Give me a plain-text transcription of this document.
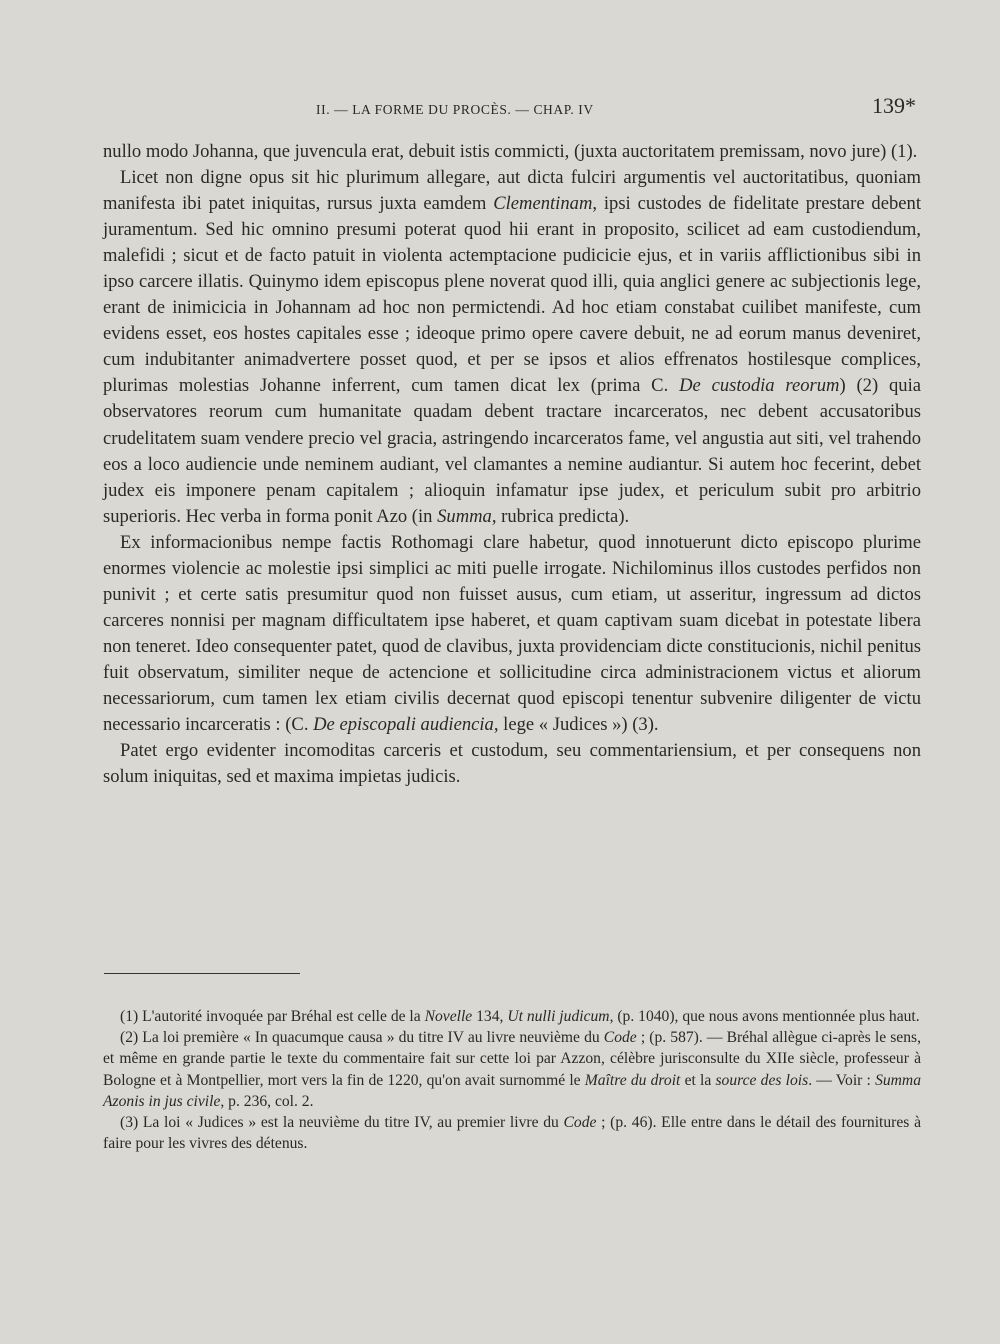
II. — LA FORME DU PROCÈS. — CHAP. IV	139*

nullo modo Johanna, que juvencula erat, debuit istis commicti, (juxta auctoritatem premissam, novo jure) (1).

Licet non digne opus sit hic plurimum allegare, aut dicta fulciri argumentis vel auctoritatibus, quoniam manifesta ibi patet iniquitas, rursus juxta eamdem Clementinam, ipsi custodes de fidelitate prestare debent juramentum. Sed hic omnino presumi poterat quod hii erant in proposito, scilicet ad eam custodiendum, malefidi ; sicut et de facto patuit in violenta actemptacione pudicicie ejus, et in variis afflictionibus sibi in ipso carcere illatis. Quinymo idem episcopus plene noverat quod illi, quia anglici genere ac subjectionis lege, erant de inimicicia in Johannam ad hoc non permictendi. Ad hoc etiam constabat cuilibet manifeste, cum evidens esset, eos hostes capitales esse ; ideoque primo opere cavere debuit, ne ad eorum manus deveniret, cum indubitanter animadvertere posset quod, et per se ipsos et alios effrenatos hostilesque complices, plurimas molestias Johanne inferrent, cum tamen dicat lex (prima C. De custodia reorum) (2) quia observatores reorum cum humanitate quadam debent tractare incarceratos, nec debent accusatoribus crudelitatem suam vendere precio vel gracia, astringendo incarceratos fame, vel angustia aut siti, vel trahendo eos a loco audiencie unde neminem audiant, vel clamantes a nemine audiantur. Si autem hoc fecerint, debet judex eis imponere penam capitalem ; alioquin infamatur ipse judex, et periculum subit pro arbitrio superioris. Hec verba in forma ponit Azo (in Summa, rubrica predicta).

Ex informacionibus nempe factis Rothomagi clare habetur, quod innotuerunt dicto episcopo plurime enormes violencie ac molestie ipsi simplici ac miti puelle irrogate. Nichilominus illos custodes perfidos non punivit ; et certe satis presumitur quod non fuisset ausus, cum etiam, ut asseritur, ingressum ad dictos carceres nonnisi per magnam difficultatem ipse haberet, et quam captivam suam dicebat in potestate libera non teneret. Ideo consequenter patet, quod de clavibus, juxta providenciam dicte constitucionis, nichil penitus fuit observatum, similiter neque de actencione et sollicitudine circa administracionem victus et aliorum necessariorum, cum tamen lex etiam civilis decernat quod episcopi tenentur subvenire diligenter de victu necessario incarceratis : (C. De episcopali audiencia, lege « Judices ») (3).

Patet ergo evidenter incomoditas carceris et custodum, seu commentariensium, et per consequens non solum iniquitas, sed et maxima impietas judicis.

(1) L'autorité invoquée par Bréhal est celle de la Novelle 134, Ut nulli judicum, (p. 1040), que nous avons mentionnée plus haut.

(2) La loi première « In quacumque causa » du titre IV au livre neuvième du Code ; (p. 587). — Bréhal allègue ci-après le sens, et même en grande partie le texte du commentaire fait sur cette loi par Azzon, célèbre jurisconsulte du XIIe siècle, professeur à Bologne et à Montpellier, mort vers la fin de 1220, qu'on avait surnommé le Maître du droit et la source des lois. — Voir : Summa Azonis in jus civile, p. 236, col. 2.

(3) La loi « Judices » est la neuvième du titre IV, au premier livre du Code ; (p. 46). Elle entre dans le détail des fournitures à faire pour les vivres des détenus.
